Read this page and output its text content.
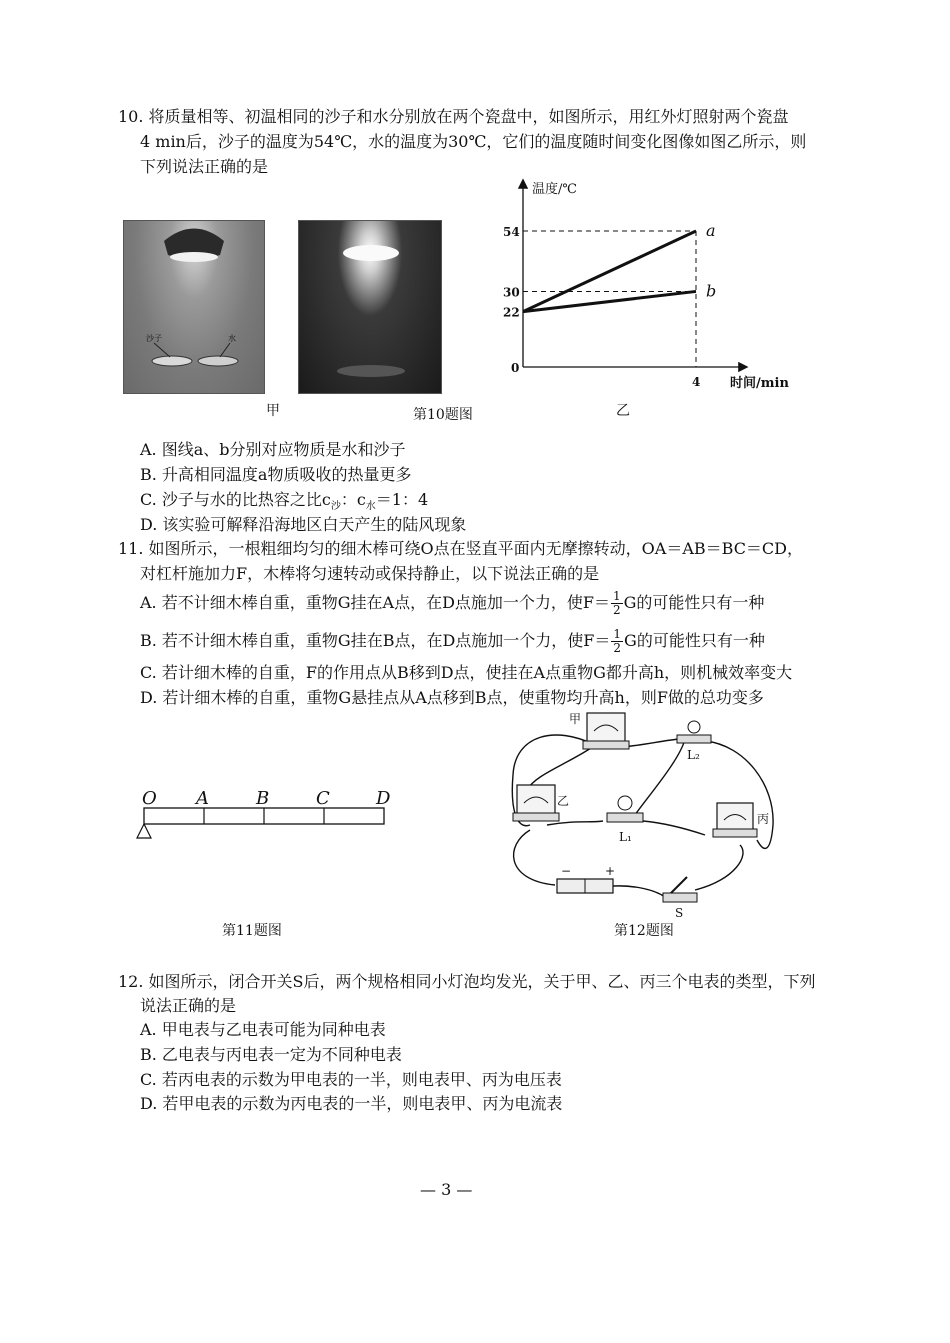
10. 将质量相等、初温相同的沙子和水分别放在两个瓷盘中，如图所示，用红外灯照射两个瓷盘
4 min后，沙子的温度为54℃，水的温度为30℃，它们的温度随时间变化图像如图乙所示，则
下列说法正确的是
沙子	水
甲	第10题图	乙
温度/℃
时间/min
0
4
22
30
54	a
b
A. 图线a、b分别对应物质是水和沙子
B. 升高相同温度a物质吸收的热量更多
C. 沙子与水的比热容之比$c_沙$：$c_水=1$：4
D. 该实验可解释沿海地区白天产生的陆风现象
11. 如图所示，一根粗细均匀的细木棒可绕O点在竖直平面内无摩擦转动，OA＝AB＝BC＝CD，
对杠杆施加力F，木棒将匀速转动或保持静止，以下说法正确的是
A. 若不计细木棒自重，重物G挂在A点，在D点施加一个力，使$F= \frac{1}{2}$ G的可能性只有一种
B. 若不计细木棒自重，重物G挂在B点，在D点施加一个力，使$F= \frac{1}{2}$ G的可能性只有一种
C. 若计细木棒的自重，F的作用点从B移到D点，使挂在A点重物G都升高h，则机械效率变大
D. 若计细木棒的自重，重物G悬挂点从A点移到B点，使重物均升高h，则F做的总功变多
O A	B	C	D
第11题图
甲
乙
丙
L₂
L₁
−	+
S
第12题图
12. 如图所示，闭合开关S后，两个规格相同小灯泡均发光，关于甲、乙、丙三个电表的类型，下列
说法正确的是
A. 甲电表与乙电表可能为同种电表
B. 乙电表与丙电表一定为不同种电表
C. 若丙电表的示数为甲电表的一半，则电表甲、丙为电压表
D. 若甲电表的示数为丙电表的一半，则电表甲、丙为电流表
— 3 —
